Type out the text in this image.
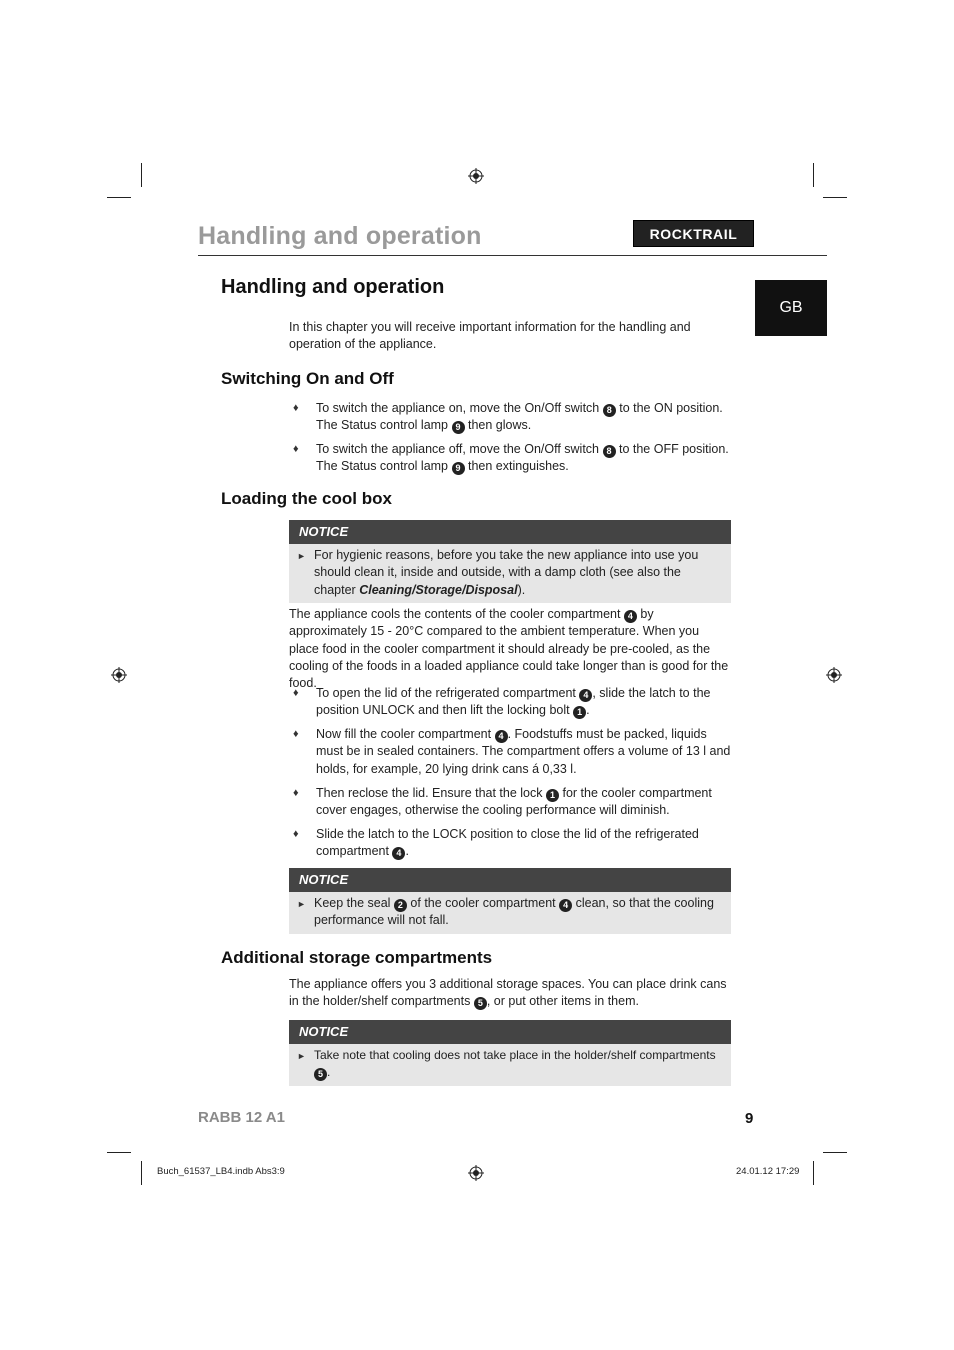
Handling and operation	ROCKTRAIL
GB
Handling and operation

In this chapter you will receive important information for the handling and operation of the appliance.

Switching On and Off
♦ To switch the appliance on, move the On/Off switch 8 to the ON position. The Status control lamp 9 then glows.
♦ To switch the appliance off, move the On/Off switch 8 to the OFF position. The Status control lamp 9 then extinguishes.
Loading the cool box
NOTICE
► For hygienic reasons, before you take the new appliance into use you should clean it, inside and outside, with a damp cloth (see also the chapter Cleaning/Storage/Disposal).

The appliance cools the contents of the cooler compartment 4 by approximately 15 - 20°C compared to the ambient temperature. When you place food in the cooler compartment it should already be pre-cooled, as the cooling of the foods in a loaded appliance could take longer than is good for the food.

♦ To open the lid of the refrigerated compartment 4 , slide the latch to the position UNLOCK and then lift the locking bolt 1 .
♦ Now fill the cooler compartment 4 . Foodstuffs must be packed, liquids must be in sealed containers. The compartment offers a volume of 13 l and holds, for example, 20 lying drink cans á 0,33 l.
♦ Then reclose the lid. Ensure that the lock 1 for the cooler compartment cover engages, otherwise the cooling performance will diminish.
♦ Slide the latch to the LOCK position to close the lid of the refrigerated compartment 4 .
NOTICE
► Keep the seal 2 of the cooler compartment 4 clean, so that the cooling performance will not fall.
Additional storage compartments

The appliance offers you 3 additional storage spaces. You can place drink cans in the holder/shelf compartments 5 , or put other items in them.

NOTICE
► Take note that cooling does not take place in the holder/shelf compartments 5 .
RABB 12 A1	9
Buch_61537_LB4.indb Abs3:9	24.01.12 17:29
